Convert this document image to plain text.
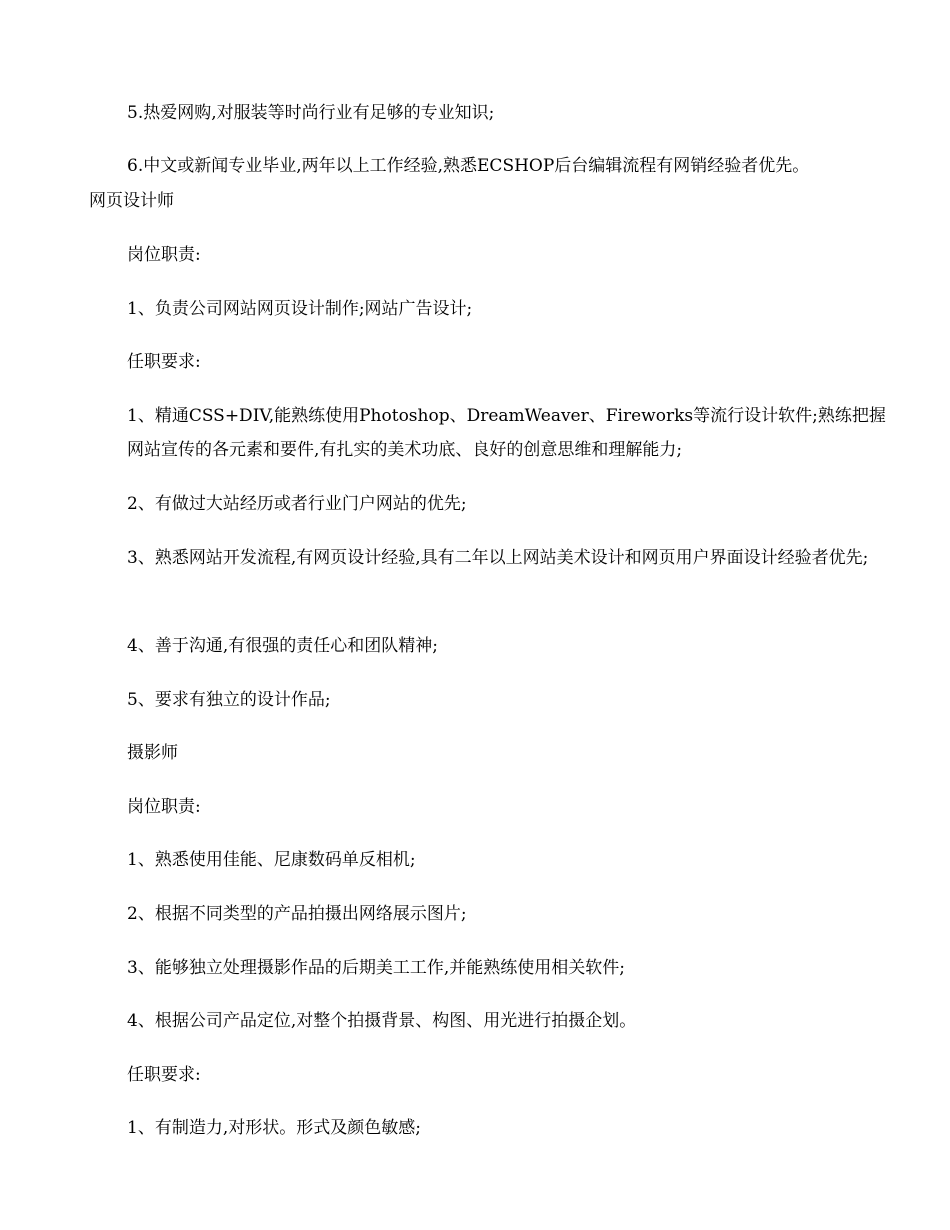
5.热爱网购,对服装等时尚行业有足够的专业知识;
6.中文或新闻专业毕业,两年以上工作经验,熟悉ECSHOP后台编辑流程有网销经验者优先。
网页设计师
岗位职责:
1、负责公司网站网页设计制作;网站广告设计;
任职要求:
1、精通CSS+DIV,能熟练使用Photoshop、DreamWeaver、Fireworks等流行设计软件;熟练把握网站宣传的各元素和要件,有扎实的美术功底、良好的创意思维和理解能力;
2、有做过大站经历或者行业门户网站的优先;
3、熟悉网站开发流程,有网页设计经验,具有二年以上网站美术设计和网页用户界面设计经验者优先;
4、善于沟通,有很强的责任心和团队精神;
5、要求有独立的设计作品;
摄影师
岗位职责:
1、熟悉使用佳能、尼康数码单反相机;
2、根据不同类型的产品拍摄出网络展示图片;
3、能够独立处理摄影作品的后期美工工作,并能熟练使用相关软件;
4、根据公司产品定位,对整个拍摄背景、构图、用光进行拍摄企划。
任职要求:
1、有制造力,对形状。形式及颜色敏感;
